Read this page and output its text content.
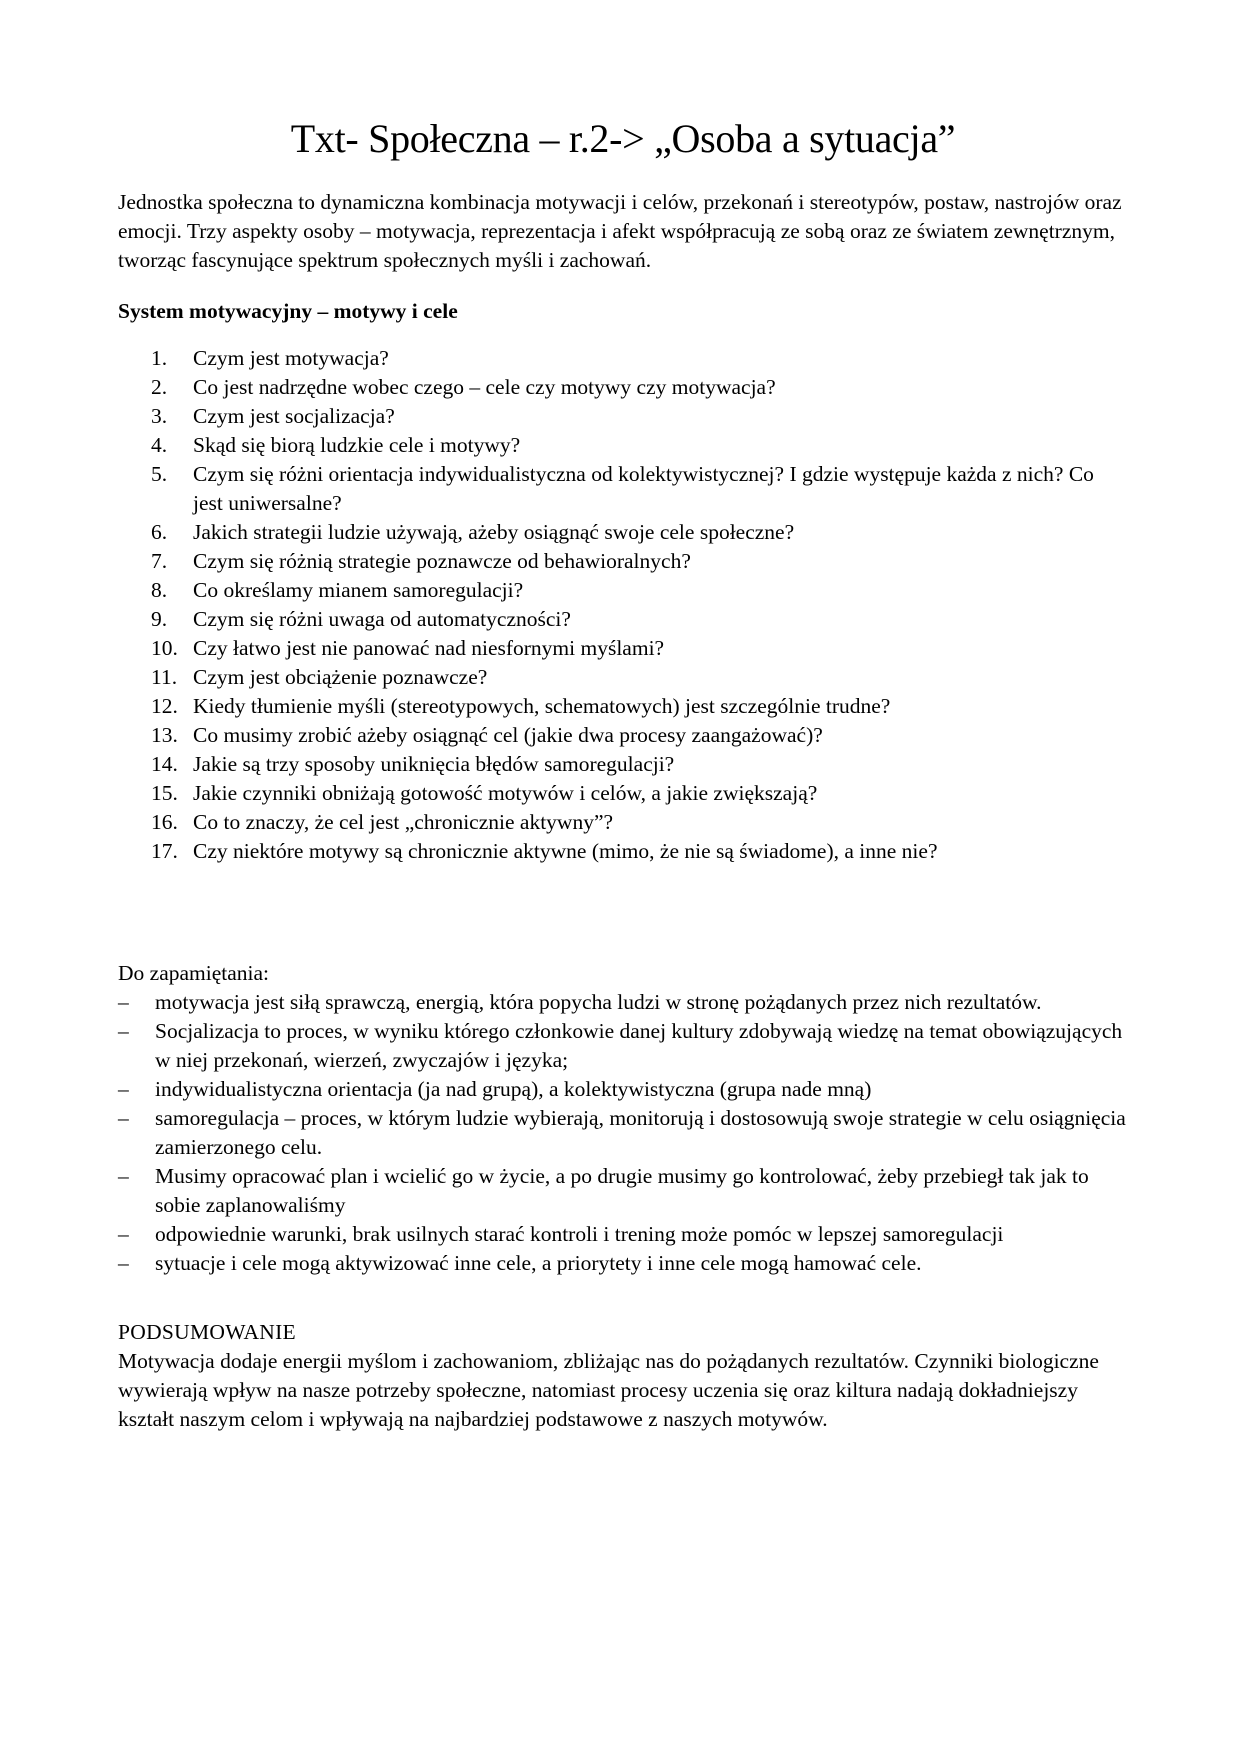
Txt- Społeczna – r.2-> „Osoba a sytuacja”

Jednostka społeczna to dynamiczna kombinacja motywacji i celów, przekonań i stereotypów, postaw, nastrojów oraz emocji. Trzy aspekty osoby – motywacja, reprezentacja i afekt współpracują ze sobą oraz ze światem zewnętrznym, tworząc fascynujące spektrum społecznych myśli i zachowań.

System motywacyjny – motywy i cele
Czym jest motywacja?
Co jest nadrzędne wobec czego – cele czy motywy czy motywacja?
Czym jest socjalizacja?
Skąd się biorą ludzkie cele i motywy?
Czym się różni orientacja indywidualistyczna od kolektywistycznej? I gdzie występuje każda z nich? Co jest uniwersalne?
Jakich strategii ludzie używają, ażeby osiągnąć swoje cele społeczne?
Czym się różnią strategie poznawcze od behawioralnych?
Co określamy mianem samoregulacji?
Czym się różni uwaga od automatyczności?
Czy łatwo jest nie panować nad niesfornymi myślami?
Czym jest obciążenie poznawcze?
Kiedy tłumienie myśli (stereotypowych, schematowych) jest szczególnie trudne?
Co musimy zrobić ażeby osiągnąć cel (jakie dwa procesy zaangażować)?
Jakie są trzy sposoby uniknięcia błędów samoregulacji?
Jakie czynniki obniżają gotowość motywów i celów, a jakie zwiększają?
Co to znaczy, że cel jest „chronicznie aktywny”?
Czy niektóre motywy są chronicznie aktywne (mimo, że nie są świadome), a inne nie?

Do zapamiętania:

– motywacja jest siłą sprawczą, energią, która popycha ludzi w stronę pożądanych przez nich rezultatów.
– Socjalizacja to proces, w wyniku którego członkowie danej kultury zdobywają wiedzę na temat obowiązujących w niej przekonań, wierzeń, zwyczajów i języka;
– indywidualistyczna orientacja (ja nad grupą), a kolektywistyczna (grupa nade mną)
– samoregulacja – proces, w którym ludzie wybierają, monitorują i dostosowują swoje strategie w celu osiągnięcia zamierzonego celu.
– Musimy opracować plan i wcielić go w życie, a po drugie musimy go kontrolować, żeby przebiegł tak jak to sobie zaplanowaliśmy
– odpowiednie warunki, brak usilnych starać kontroli i trening może pomóc w lepszej samoregulacji
– sytuacje i cele mogą aktywizować inne cele, a priorytety i inne cele mogą hamować cele.

PODSUMOWANIE

Motywacja dodaje energii myślom i zachowaniom, zbliżając nas do pożądanych rezultatów. Czynniki biologiczne wywierają wpływ na nasze potrzeby społeczne, natomiast procesy uczenia się oraz kiltura nadają dokładniejszy kształt naszym celom i wpływają na najbardziej podstawowe z naszych motywów.
